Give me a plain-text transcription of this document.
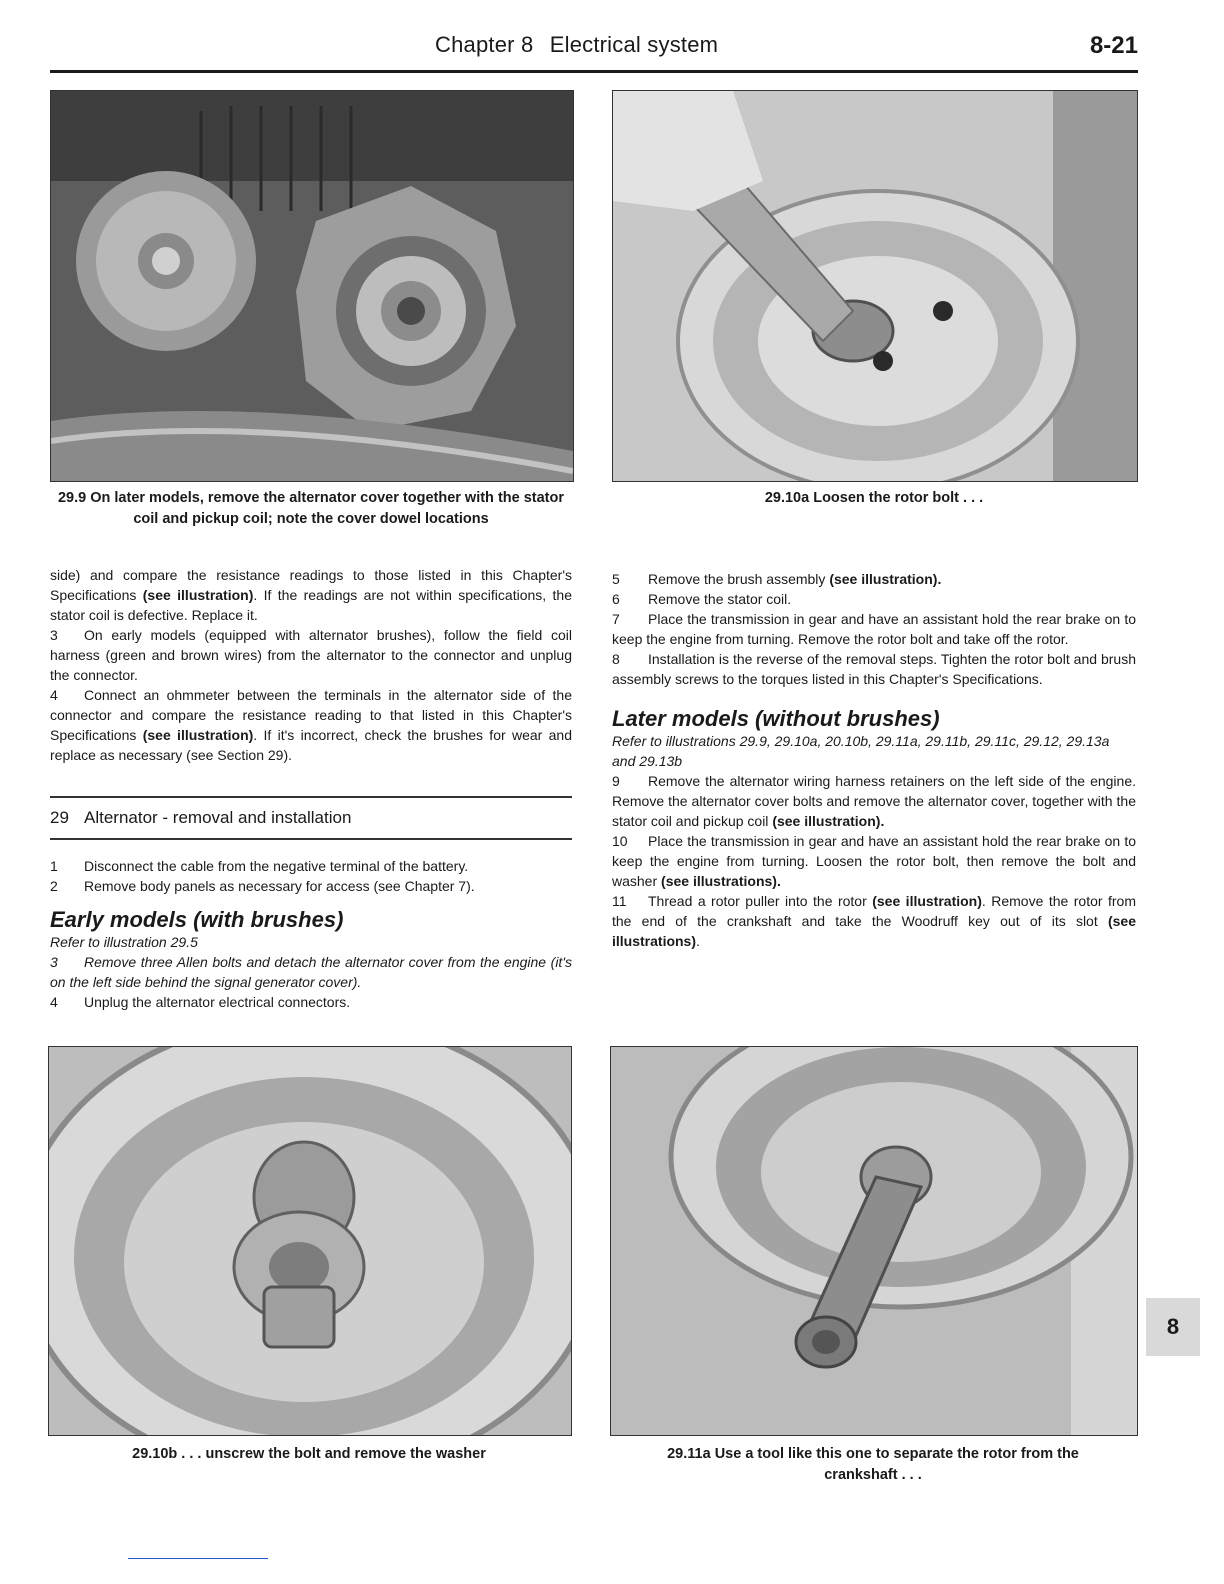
Chapter 8 Electrical system	8-21
29.9 On later models, remove the alternator cover together with the stator coil and pickup coil; note the cover dowel locations
29.10a Loosen the rotor bolt . . .

side) and compare the resistance readings to those listed in this Chapter's Specifications (see illustration). If the readings are not within specifications, the stator coil is defective. Replace it.

3 On early models (equipped with alternator brushes), follow the field coil harness (green and brown wires) from the alternator to the connector and unplug the connector.

4 Connect an ohmmeter between the terminals in the alternator side of the connector and compare the resistance reading to that listed in this Chapter's Specifications (see illustration). If it's incorrect, check the brushes for wear and replace as necessary (see Section 29).

29 Alternator - removal and installation

1 Disconnect the cable from the negative terminal of the battery.

2 Remove body panels as necessary for access (see Chapter 7).

Early models (with brushes)

Refer to illustration 29.5

3 Remove three Allen bolts and detach the alternator cover from the engine (it's on the left side behind the signal generator cover).

4 Unplug the alternator electrical connectors.

5 Remove the brush assembly (see illustration).

6 Remove the stator coil.

7 Place the transmission in gear and have an assistant hold the rear brake on to keep the engine from turning. Remove the rotor bolt and take off the rotor.

8 Installation is the reverse of the removal steps. Tighten the rotor bolt and brush assembly screws to the torques listed in this Chapter's Specifications.

Later models (without brushes)

Refer to illustrations 29.9, 29.10a, 20.10b, 29.11a, 29.11b, 29.11c, 29.12, 29.13a and 29.13b

9 Remove the alternator wiring harness retainers on the left side of the engine. Remove the alternator cover bolts and remove the alternator cover, together with the stator coil and pickup coil (see illustration).

10 Place the transmission in gear and have an assistant hold the rear brake on to keep the engine from turning. Loosen the rotor bolt, then remove the bolt and washer (see illustrations).

11 Thread a rotor puller into the rotor (see illustration). Remove the rotor from the end of the crankshaft and take the Woodruff key out of its slot (see illustrations).

29.10b . . . unscrew the bolt and remove the washer	29.11a Use a tool like this one to separate the rotor from the crankshaft . . .
8
